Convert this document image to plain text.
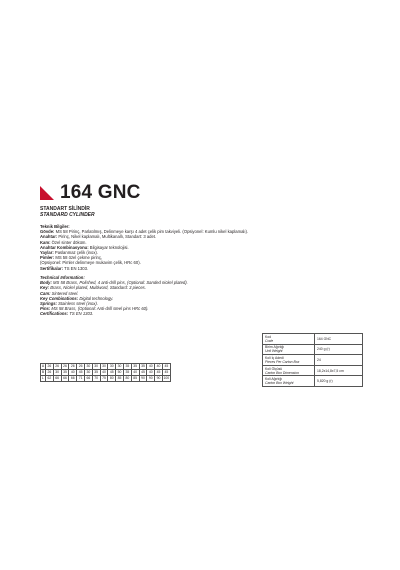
164 GNC
STANDART SİLİNDİR
STANDARD CYLINDER
Teknik Bilgiler:
Gövde: MS 58 Pirinç, Parlatılmış, Delinmeye karşı 4 adet çelik pim takviyeli. (Opsiyonel: Kumlu nikel kaplamalı).
Anahtar: Pirinç, Nikel kaplamalı, Multikanallı, Standart: 3 adet.
Kam: Özel sinter döküm.
Anahtar Kombinasyonu: Bilgisayar teknolojisi.
Yaylar: Paslanmaz çelik (inox).
Pimler: MS 58 özel çekme pirinç,
(Opsiyonel: Pimler delinmeye mukavim çelik, HRc 60).
Sertifikalar: TS EN 1303.
Technical Information:
Body: MS 58 Brass, Polished, 4 anti-drill pins, (Optional: Sanded nickel plated).
Key: Brass, Nickel plated, Multiword, Standard: 3 pieces.
Cam: Sintered steel.
Key Combinations: Digital technology.
Springs: Stainless steel (inox).
Pins: MS 58 Brass, (Optional: Anti-drill steel pins HRc 60).
Certifications: TS EN 1303.
A	26	26	26	26	26	30	30	30	30	30	35	35	35	40	40	45
B	26	30	35	40	45	30	35	40	45	50	35	40	45	40	45	45
L	62	66	66	66	71	66	70	75	80	85	80	85	90	90	90	100
Kod
Code	164 GNC

Birim Ağırlığı
Unit Weight	240 g (r)

Koli İç Adedi
Pieces Per Carton Box	24

Koli Ölçüsü
Carton Box Dimension	18,2x14,8x7,5 cm

Koli Ağırlığı
Carton Box Weight	5,820 g (r)
